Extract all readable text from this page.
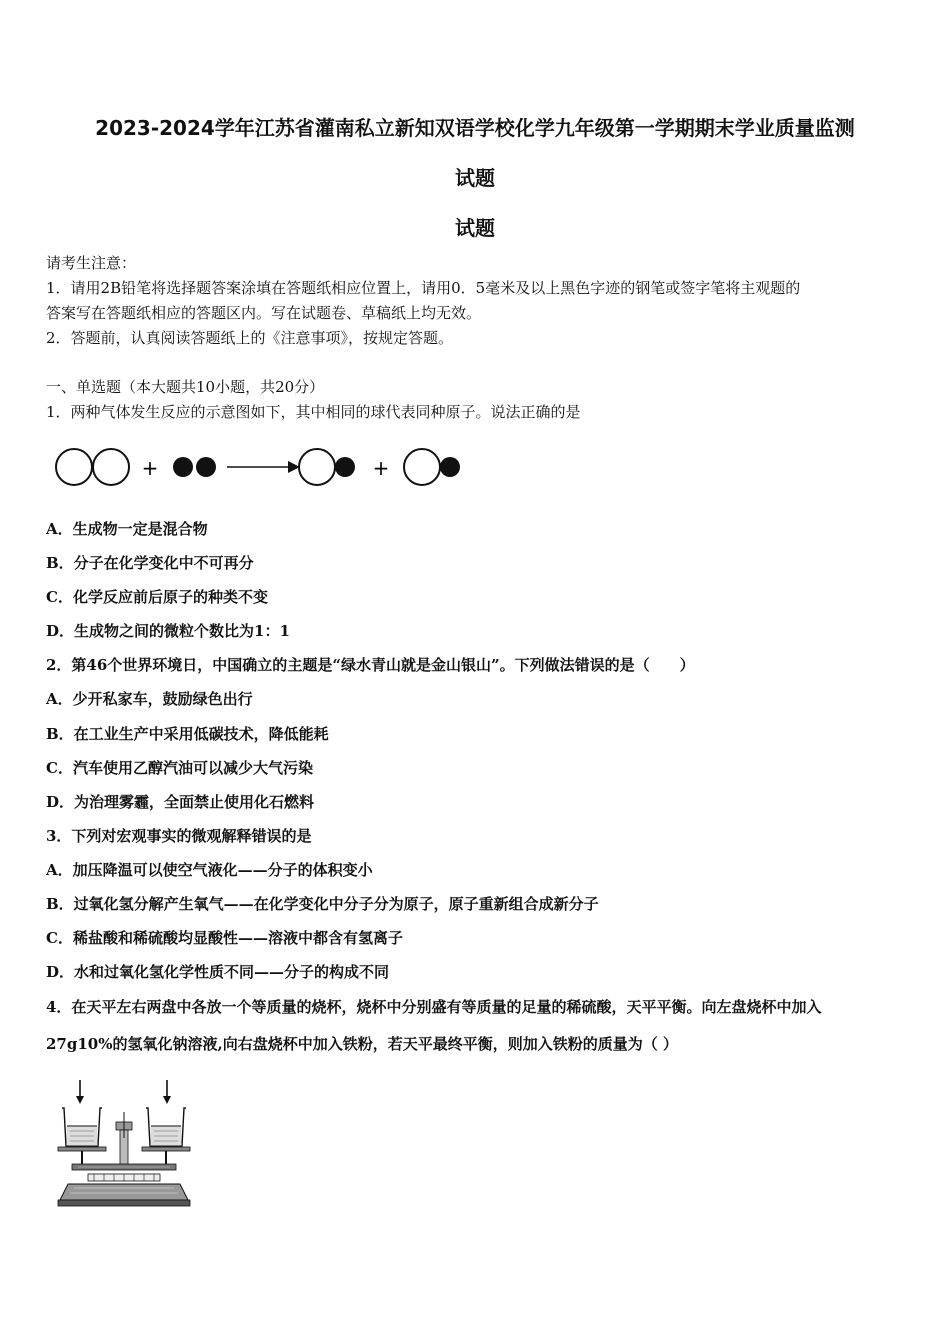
2023-2024学年江苏省灌南私立新知双语学校化学九年级第一学期期末学业质量监测
试题
试题
请考生注意：
1．请用2B铅笔将选择题答案涂填在答题纸相应位置上，请用0．5毫米及以上黑色字迹的钢笔或签字笔将主观题的
答案写在答题纸相应的答题区内。写在试题卷、草稿纸上均无效。
2．答题前，认真阅读答题纸上的《注意事项》，按规定答题。
一、单选题（本大题共10小题，共20分）
1．两种气体发生反应的示意图如下，其中相同的球代表同种原子。说法正确的是
+	+
A．生成物一定是混合物
B．分子在化学变化中不可再分
C．化学反应前后原子的种类不变
D．生成物之间的微粒个数比为1：1
2．第46个世界环境日，中国确立的主题是“绿水青山就是金山银山”。下列做法错误的是（　　）
A．少开私家车，鼓励绿色出行
B．在工业生产中采用低碳技术，降低能耗
C．汽车使用乙醇汽油可以减少大气污染
D．为治理雾霾，全面禁止使用化石燃料
3．下列对宏观事实的微观解释错误的是
A．加压降温可以使空气液化——分子的体积变小
B．过氧化氢分解产生氧气——在化学变化中分子分为原子，原子重新组合成新分子
C．稀盐酸和稀硫酸均显酸性——溶液中都含有氢离子
D．水和过氧化氢化学性质不同——分子的构成不同
4．在天平左右两盘中各放一个等质量的烧杯，烧杯中分别盛有等质量的足量的稀硫酸，天平平衡。向左盘烧杯中加入
27g10%的氢氧化钠溶液,向右盘烧杯中加入铁粉，若天平最终平衡，则加入铁粉的质量为（ ）
